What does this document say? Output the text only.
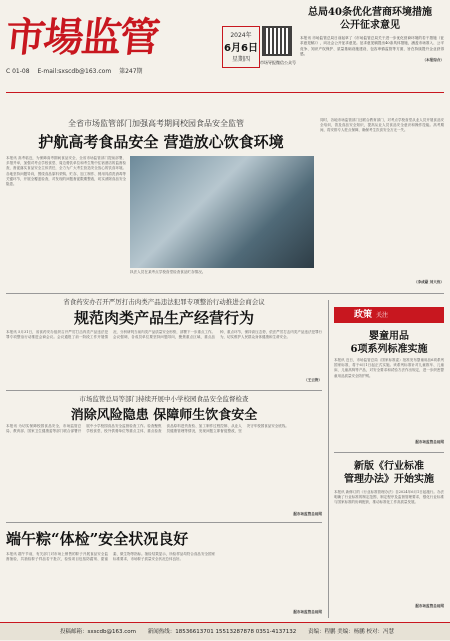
市場监管
C 01-08 E-mail:sxscdb@163.com 第247期
2024年
6月6日
星期四	市场导报微信公众号
总局40条优化营商环境措施
公开征求意见
本报讯 市场监管总局日前起草了《市场监管总局关于进一步优化营商环境的若干措施（征求意见稿）》，向社会公开征求意见。征求意见稿提出40条具体措施，涵盖市场准入、公平竞争、知识产权保护、质量基础设施建设、包容审慎监管等方面，旨在持续提升企业获得感。
（本报综合）
全省市场监管部门加强高考期间校园食品安全监管
护航高考食品安全 营造放心饮食环境
本报讯 高考临近，为保障高考期间食品安全，全省市场监管部门提前部署，多措并举，加强对考点学校食堂、周边餐饮单位和考生集中住宿酒店的监督检查，督促落实食品安全主体责任，全力为广大考生营造安全放心的饮食环境。各地坚持问题导向，围绕食品原料采购、贮存、加工制作、餐用具清洗消毒等关键环节，开展全覆盖检查，对发现的问题督促限期整改，切实消除食品安全隐患。
执法人员在某考点学校食堂检查食品贮存情况。
同时，各地市场监管部门还联合教育部门，对考点学校食堂从业人员开展食品安全培训，普及食品安全知识，提高从业人员食品安全意识和操作技能。高考期间，将安排专人驻点保障，确保考生饮食安全万无一失。
（李成豪 刘大伟）
省食药安办召开严厉打击肉类产品违法犯罪专项整治行动推进会商会议
规范肉类产品生产经营行为
本报讯 5月31日，省食药安办组织召开严厉打击肉类产品违法犯罪专项整治行动推进会商会议。会议通报了前一阶段工作开展情况，分析研判当前肉类产品质量安全形势，部署下一步重点工作。会议强调，各成员单位要坚持问题导向，聚焦重点区域、重点品种、重点环节，保持高压态势，依法严厉打击肉类产品违法犯罪行为，切实维护人民群众身体健康和生命安全。
（王云涛）
政策 关注
婴童用品
6项系列标准实施
本报讯 近日，市场监管总局（国家标准委）批准发布婴童用品6项系列国家标准，将于6月1日起正式实施。该系列标准针对儿童推车、儿童床、儿童高椅等产品，对安全要求和试验方法作出规定，进一步织密婴童用品质量安全防护网。
据市场监管总局网
新版《行业标准
管理办法》开始实施
本报讯 新修订的《行业标准管理办法》自2024年6月1日起施行。办法明确了行业标准的制定范围、制定程序及监督管理要求，强化行业标准与国家标准的协调配套，推动标准化工作高质量发展。
据市场监管总局网
市场监管总局等部门持续开展中小学校园食品安全监督检查
消除风险隐患 保障师生饮食安全
本报讯 为切实保障校园食品安全，市场监管总局、教育部、国家卫生健康委等部门联合部署开展中小学校园食品安全监督检查工作。检查聚焦学校食堂、校外供餐单位等重点主体，重点检查食品原料进货查验、加工制作过程控制、从业人员健康管理等情况，发现问题立即督促整改，坚决守牢校园食品安全底线。
据市场监管总局网
端午粽“体检”安全状况良好
本报讯 端午节前，有关部门对市场上销售的粽子开展食品安全监督抽检，共抽检粽子样品若干批次，检验项目包括防腐剂、甜蜜素、微生物等指标。抽检结果显示，所检样品均符合食品安全国家标准要求，市场粽子质量安全状况总体良好。
据市场监管总局网
投稿邮箱：sxscdb@163.com 新闻热线：18536613701 15513287878 0351-4137132 责编：程鹏 美编：杨鹏 校对：冯慧
